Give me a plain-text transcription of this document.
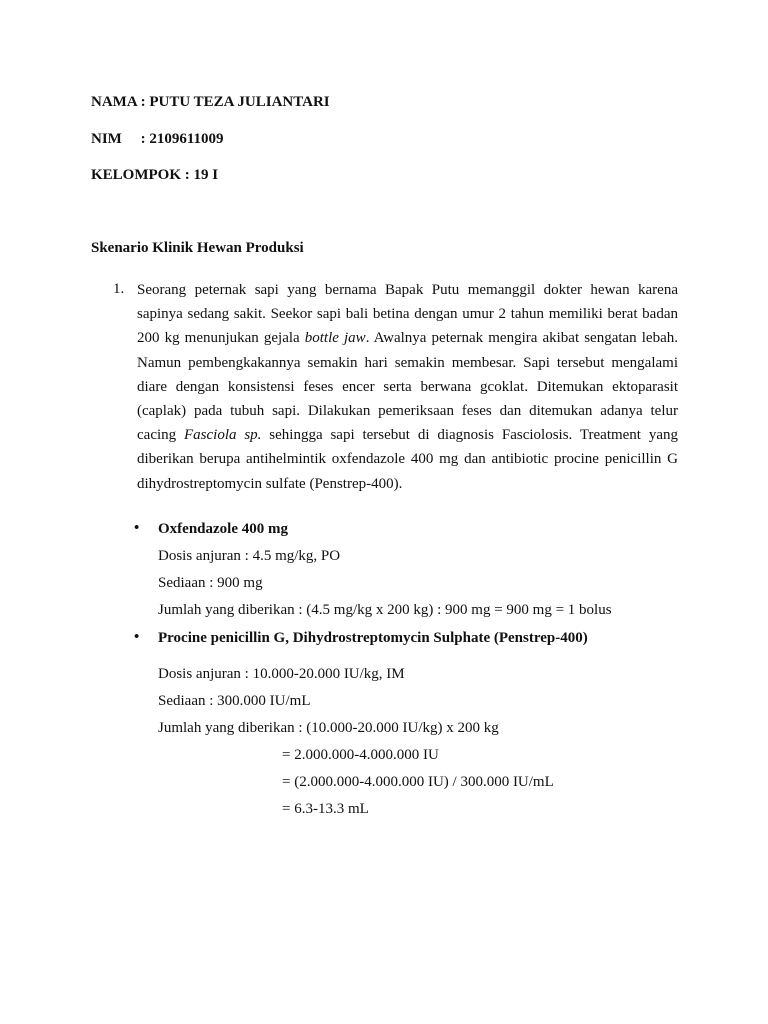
NAMA : PUTU TEZA JULIANTARI
NIM     : 2109611009
KELOMPOK : 19 I
Skenario Klinik Hewan Produksi
1. Seorang peternak sapi yang bernama Bapak Putu memanggil dokter hewan karena sapinya sedang sakit. Seekor sapi bali betina dengan umur 2 tahun memiliki berat badan 200 kg menunjukan gejala bottle jaw. Awalnya peternak mengira akibat sengatan lebah. Namun pembengkakannya semakin hari semakin membesar. Sapi tersebut mengalami diare dengan konsistensi feses encer serta berwana gcoklat. Ditemukan ektoparasit (caplak) pada tubuh sapi. Dilakukan pemeriksaan feses dan ditemukan adanya telur cacing Fasciola sp. sehingga sapi tersebut di diagnosis Fasciolosis. Treatment yang diberikan berupa antihelmintik oxfendazole 400 mg dan antibiotic procine penicillin G dihydrostreptomycin sulfate (Penstrep-400).

• Oxfendazole 400 mg
Dosis anjuran : 4.5 mg/kg, PO
Sediaan : 900 mg
Jumlah yang diberikan : (4.5 mg/kg x 200 kg) : 900 mg = 900 mg = 1 bolus
• Procine penicillin G, Dihydrostreptomycin Sulphate (Penstrep-400)
Dosis anjuran : 10.000-20.000 IU/kg, IM
Sediaan : 300.000 IU/mL
Jumlah yang diberikan : (10.000-20.000 IU/kg) x 200 kg
= 2.000.000-4.000.000 IU
= (2.000.000-4.000.000 IU) / 300.000 IU/mL
= 6.3-13.3 mL
